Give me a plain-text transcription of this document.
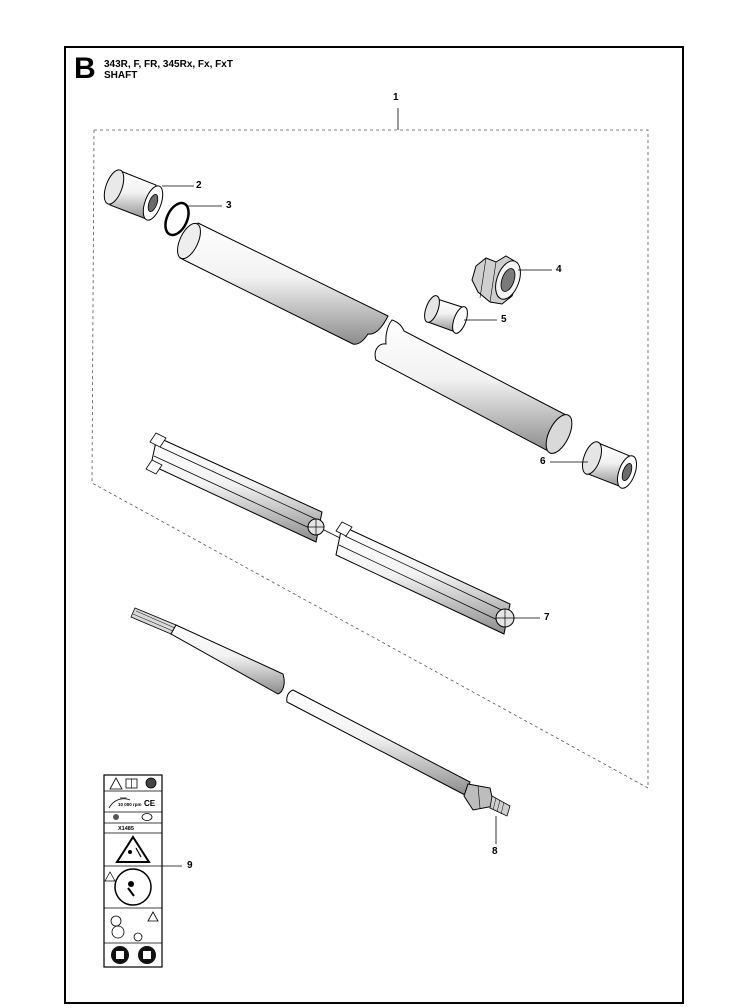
B 343R, F, FR, 345Rx, Fx, FxT
SHAFT
max
10 000 rpm CE
X1485
1
2
3
4
5
6
7
8
9
